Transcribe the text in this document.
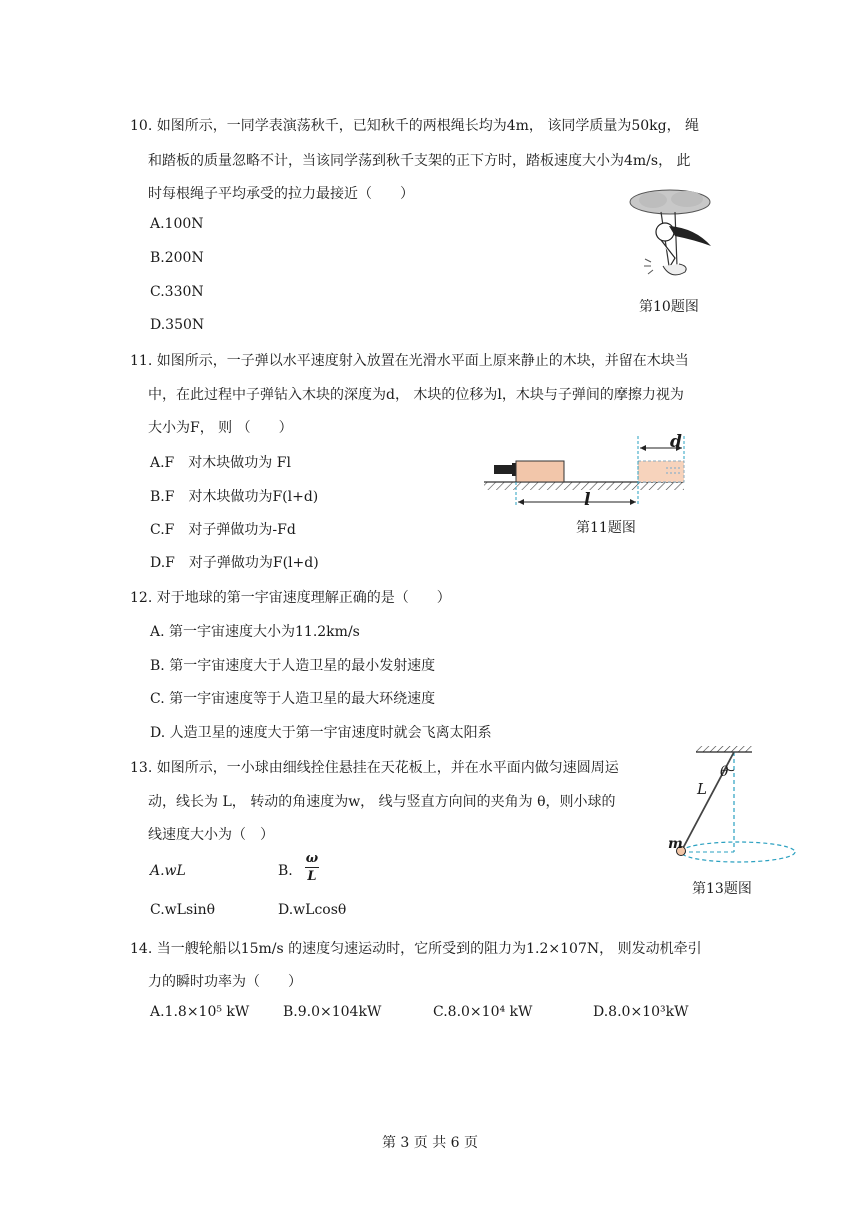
10. 如图所示，一同学表演荡秋千，已知秋千的两根绳长均为4m， 该同学质量为50kg， 绳
和踏板的质量忽略不计，当该同学荡到秋千支架的正下方时，踏板速度大小为4m/s， 此
时每根绳子平均承受的拉力最接近（　　）
A.100N
B.200N
C.330N
D.350N
第10题图
11. 如图所示，一子弹以水平速度射入放置在光滑水平面上原来静止的木块，并留在木块当
中，在此过程中子弹钻入木块的深度为d， 木块的位移为l，木块与子弹间的摩擦力视为
大小为F， 则 （　　）
A.F　对木块做功为 Fl
B.F　对木块做功为F(l+d)
C.F　对子弹做功为-Fd
D.F　对子弹做功为F(l+d)
d
l
第11题图
12. 对于地球的第一宇宙速度理解正确的是（　　）
A. 第一宇宙速度大小为11.2km/s
B. 第一宇宙速度大于人造卫星的最小发射速度
C. 第一宇宙速度等于人造卫星的最大环绕速度
D. 人造卫星的速度大于第一宇宙速度时就会飞离太阳系
13. 如图所示，一小球由细线拴住悬挂在天花板上，并在水平面内做匀速圆周运
动，线长为 L， 转动的角速度为w， 线与竖直方向间的夹角为 θ，则小球的
线速度大小为（　）
A.wL	B.
ω
L
C.wLsinθ	D.wLcosθ
θ
L
m
第13题图
14. 当一艘轮船以15m/s 的速度匀速运动时，它所受到的阻力为1.2×107N， 则发动机牵引
力的瞬时功率为（　　）
A.1.8×10⁵ kW B.9.0×104kW	C.8.0×10⁴ kW	D.8.0×10³kW
第 3 页 共 6 页
